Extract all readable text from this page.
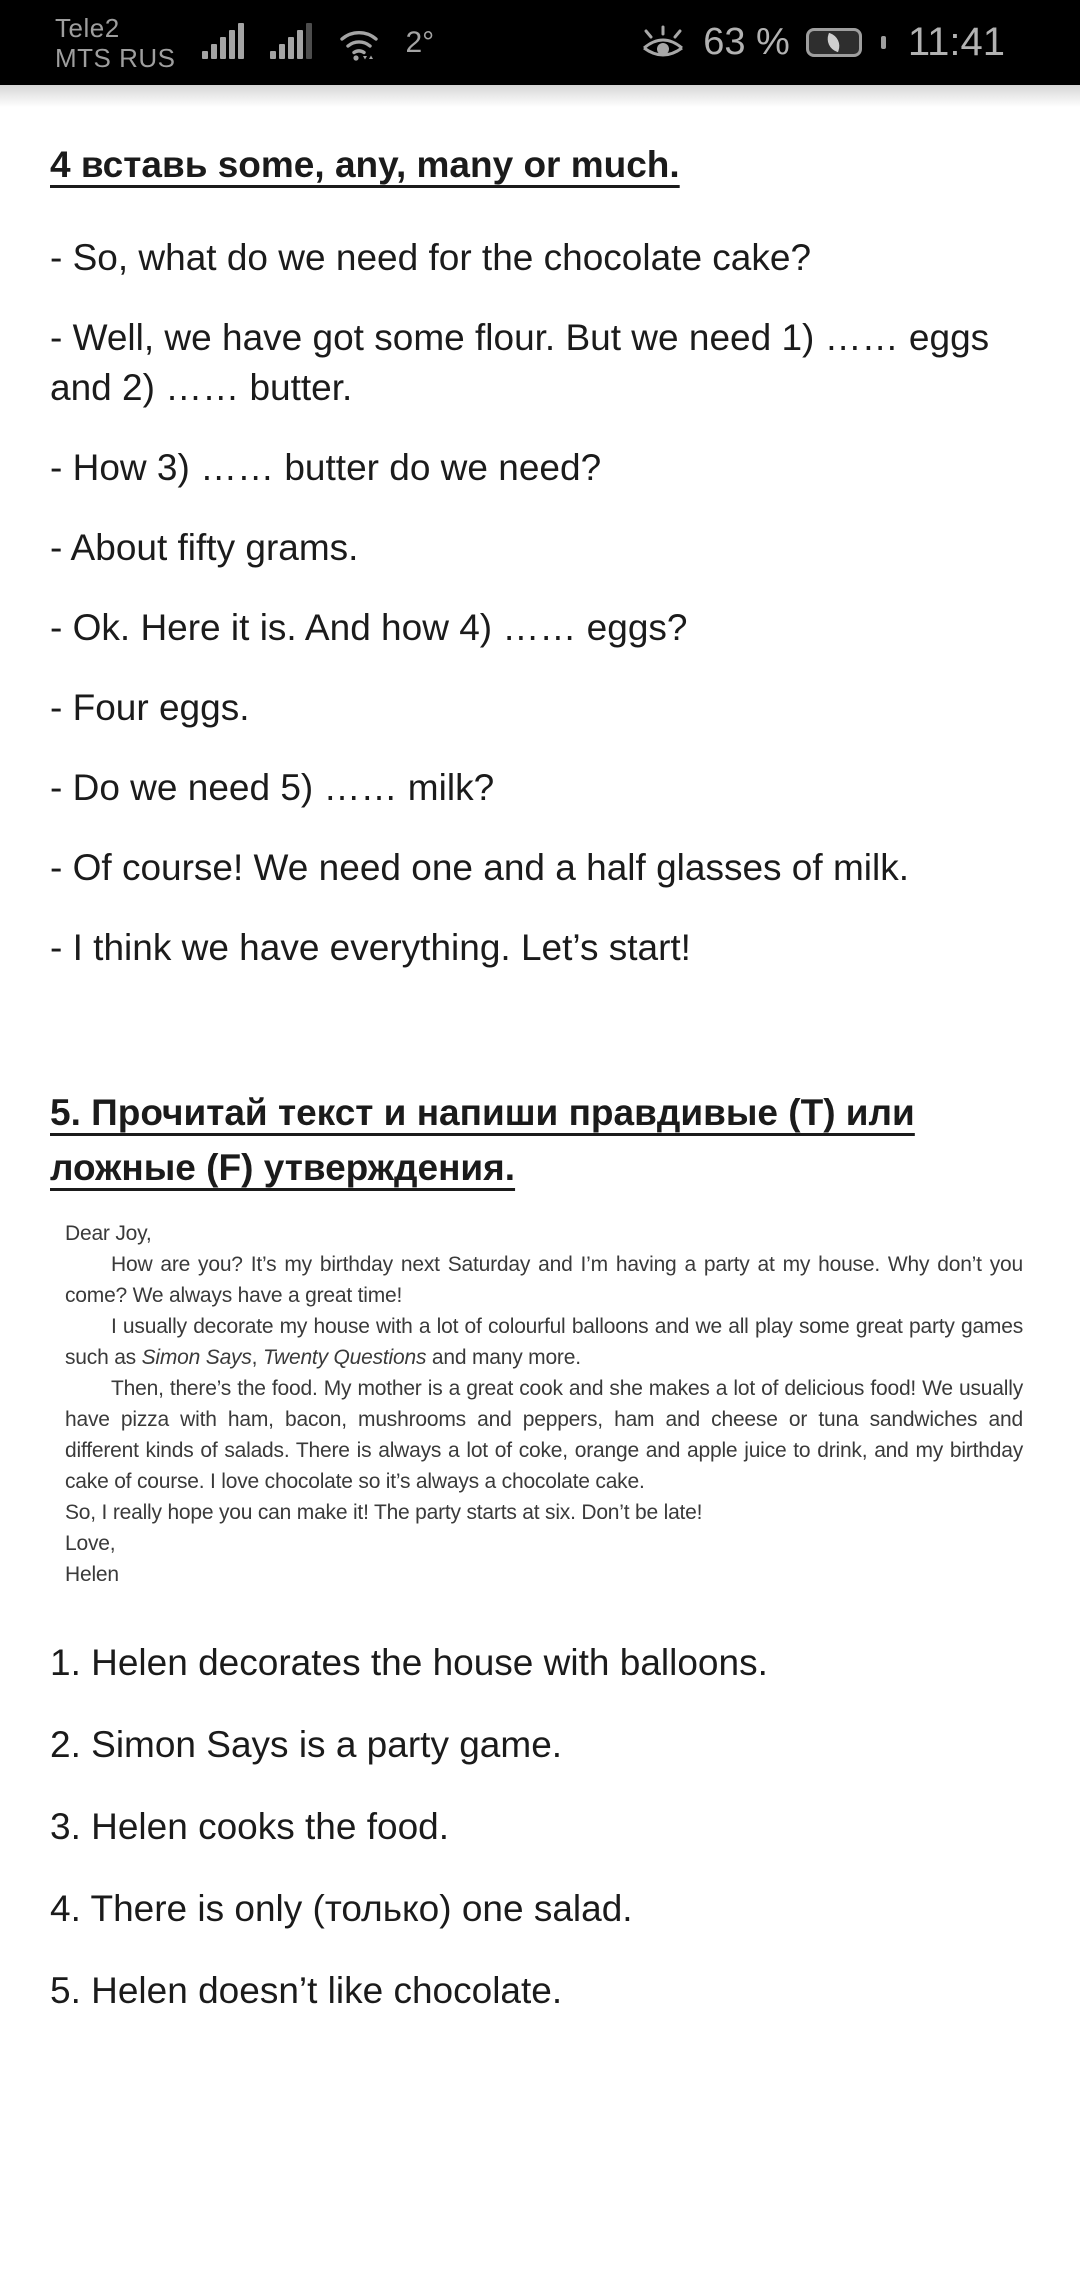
Tele2
MTS RUS	2°	63 %	11:41
4 вставь some, any, many or much.

- So, what do we need for the chocolate cake?

- Well, we have got some flour. But we need 1) …… eggs and 2) …… butter.

- How 3) …… butter do we need?

- About fifty grams.

- Ok. Here it is. And how 4) …… eggs?

- Four eggs.

- Do we need 5) …… milk?

- Of course! We need one and a half glasses of milk.

- I think we have everything. Let’s start!

5. Прочитай текст и напиши правдивые (T) или ложные (F) утверждения.

Dear Joy,

How are you? It’s my birthday next Saturday and I’m having a party at my house. Why don’t you come? We always have a great time!

I usually decorate my house with a lot of colourful balloons and we all play some great party games such as Simon Says, Twenty Questions and many more.

Then, there’s the food. My mother is a great cook and she makes a lot of delicious food! We usually have pizza with ham, bacon, mushrooms and peppers, ham and cheese or tuna sandwiches and different kinds of salads. There is always a lot of coke, orange and apple juice to drink, and my birthday cake of course. I love chocolate so it’s always a chocolate cake.

So, I really hope you can make it! The party starts at six. Don’t be late!

Love,

Helen

1. Helen decorates the house with balloons.

2. Simon Says is a party game.

3. Helen cooks the food.

4. There is only (только) one salad.

5. Helen doesn’t like chocolate.
